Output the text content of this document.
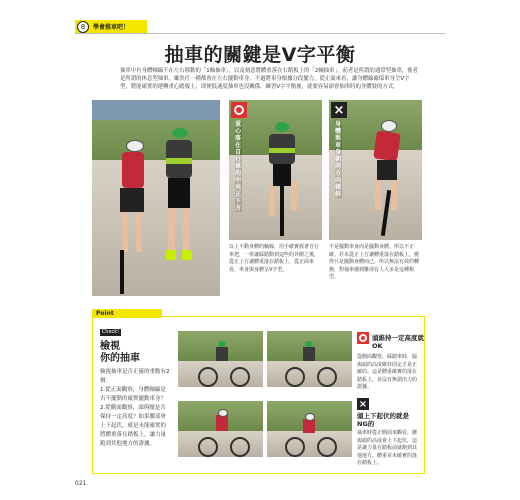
8	學會推車吧！
抽車的關鍵是V字平衡
抽車中有身體軸線不在左右移動的「1軸抽車」，以及刻意將體重落在右踏板上的「2軸抽車」。前者是所謂的通常型抽車，後者是所謂的休息型抽車。雖然任一種都會在左右擺動車身，不過將車身根據分段擺力，從正面來看，讓身體線確保車身呈V字型，將能確實的運轉重心踏板上，即便低速度抽車也沒關係。練習V字平衡後，就要容易卻會抽車時的身體裝的方式。
重心落在自行車的中央正下方
×
身體與車身朝同方向傾斜
以上不動身體的軸線，用手確實握著自行車把，一併讓踩踏動到這些的外側之後，從正上方讓體重落在踏板上，從正面來看，車身與身體呈V字型。
不是擺動車身而是擺動身體，所以不正確。若未從正上方讓體重落在踏板上，變得只是擺動身體而已，所以無法有效的轉換，對抽車感到難卻有人大多是這種類型。
Point
Check!
檢視
你的抽車
檢視抽車是否正確的重點有2個：
1.從正面觀察，身體軸線是否不擺動的確實擺動車身？
2.從側面觀察，頭與腰是否保持一定高度？如果腰部會上下起伏，就是未能確實的將體重落在踏板上，讓力量跑到其他地方的證據。
頭維持一定高度就OK
從側面觀察，踩踏車時，腦與頭的高度維持固定才是正確的。這是體重確實的落在踏板上，並沒有無謂出力的證據。
×
頭上下起伏的就是NG的
抽車時從正側面來觀看，腰與頭的高度會上下起伏，這是讓力量在踏板前就跑到其他地方，體重並未確實的落在踏板上。
021
